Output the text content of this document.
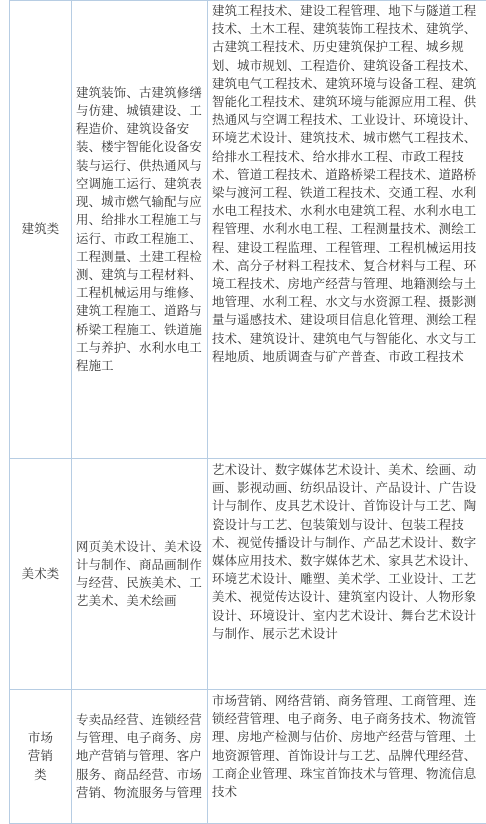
建筑类	建筑装饰、古建筑修缮与仿建、城镇建设、工程造价、建筑设备安装、楼宇智能化设备安装与运行、供热通风与空调施工运行、建筑表现、城市燃气输配与应用、给排水工程施工与运行、市政工程施工、工程测量、土建工程检测、建筑与工程材料、工程机械运用与维修、建筑工程施工、道路与桥梁工程施工、铁道施工与养护、水利水电工程施工	建筑工程技术、建设工程管理、地下与隧道工程技术、土木工程、建筑装饰工程技术、建筑学、古建筑工程技术、历史建筑保护工程、城乡规划、城市规划、工程造价、建筑设备工程技术、建筑电气工程技术、建筑环境与设备工程、建筑智能化工程技术、建筑环境与能源应用工程、供热通风与空调工程技术、工业设计、环境设计、环境艺术设计、建筑技术、城市燃气工程技术、给排水工程技术、给水排水工程、市政工程技术、管道工程技术、道路桥梁工程技术、道路桥梁与渡河工程、铁道工程技术、交通工程、水利水电工程技术、水利水电建筑工程、水利水电工程管理、水利水电工程、工程测量技术、测绘工程、建设工程监理、工程管理、工程机械运用技术、高分子材料工程技术、复合材料与工程、环境工程技术、房地产经营与管理、地籍测绘与土地管理、水利工程、水文与水资源工程、摄影测量与遥感技术、建设项目信息化管理、测绘工程技术、建筑设计、建筑电气与智能化、水文与工程地质、地质调查与矿产普查、市政工程技术
美术类	网页美术设计、美术设计与制作、商品画制作与经营、民族美术、工艺美术、美术绘画	艺术设计、数字媒体艺术设计、美术、绘画、动画、影视动画、纺织品设计、产品设计、广告设计与制作、皮具艺术设计、首饰设计与工艺、陶瓷设计与工艺、包装策划与设计、包装工程技术、视觉传播设计与制作、产品艺术设计、数字媒体应用技术、数字媒体艺术、家具艺术设计、环境艺术设计、雕塑、美术学、工业设计、工艺美术、视觉传达设计、建筑室内设计、人物形象设计、环境设计、室内艺术设计、舞台艺术设计与制作、展示艺术设计
市场营销类	专卖品经营、连锁经营与管理、电子商务、房地产营销与管理、客户服务、商品经营、市场营销、物流服务与管理	市场营销、网络营销、商务管理、工商管理、连锁经营管理、电子商务、电子商务技术、物流管理、房地产检测与估价、房地产经营与管理、土地资源管理、首饰设计与工艺、品牌代理经营、工商企业管理、珠宝首饰技术与管理、物流信息技术
